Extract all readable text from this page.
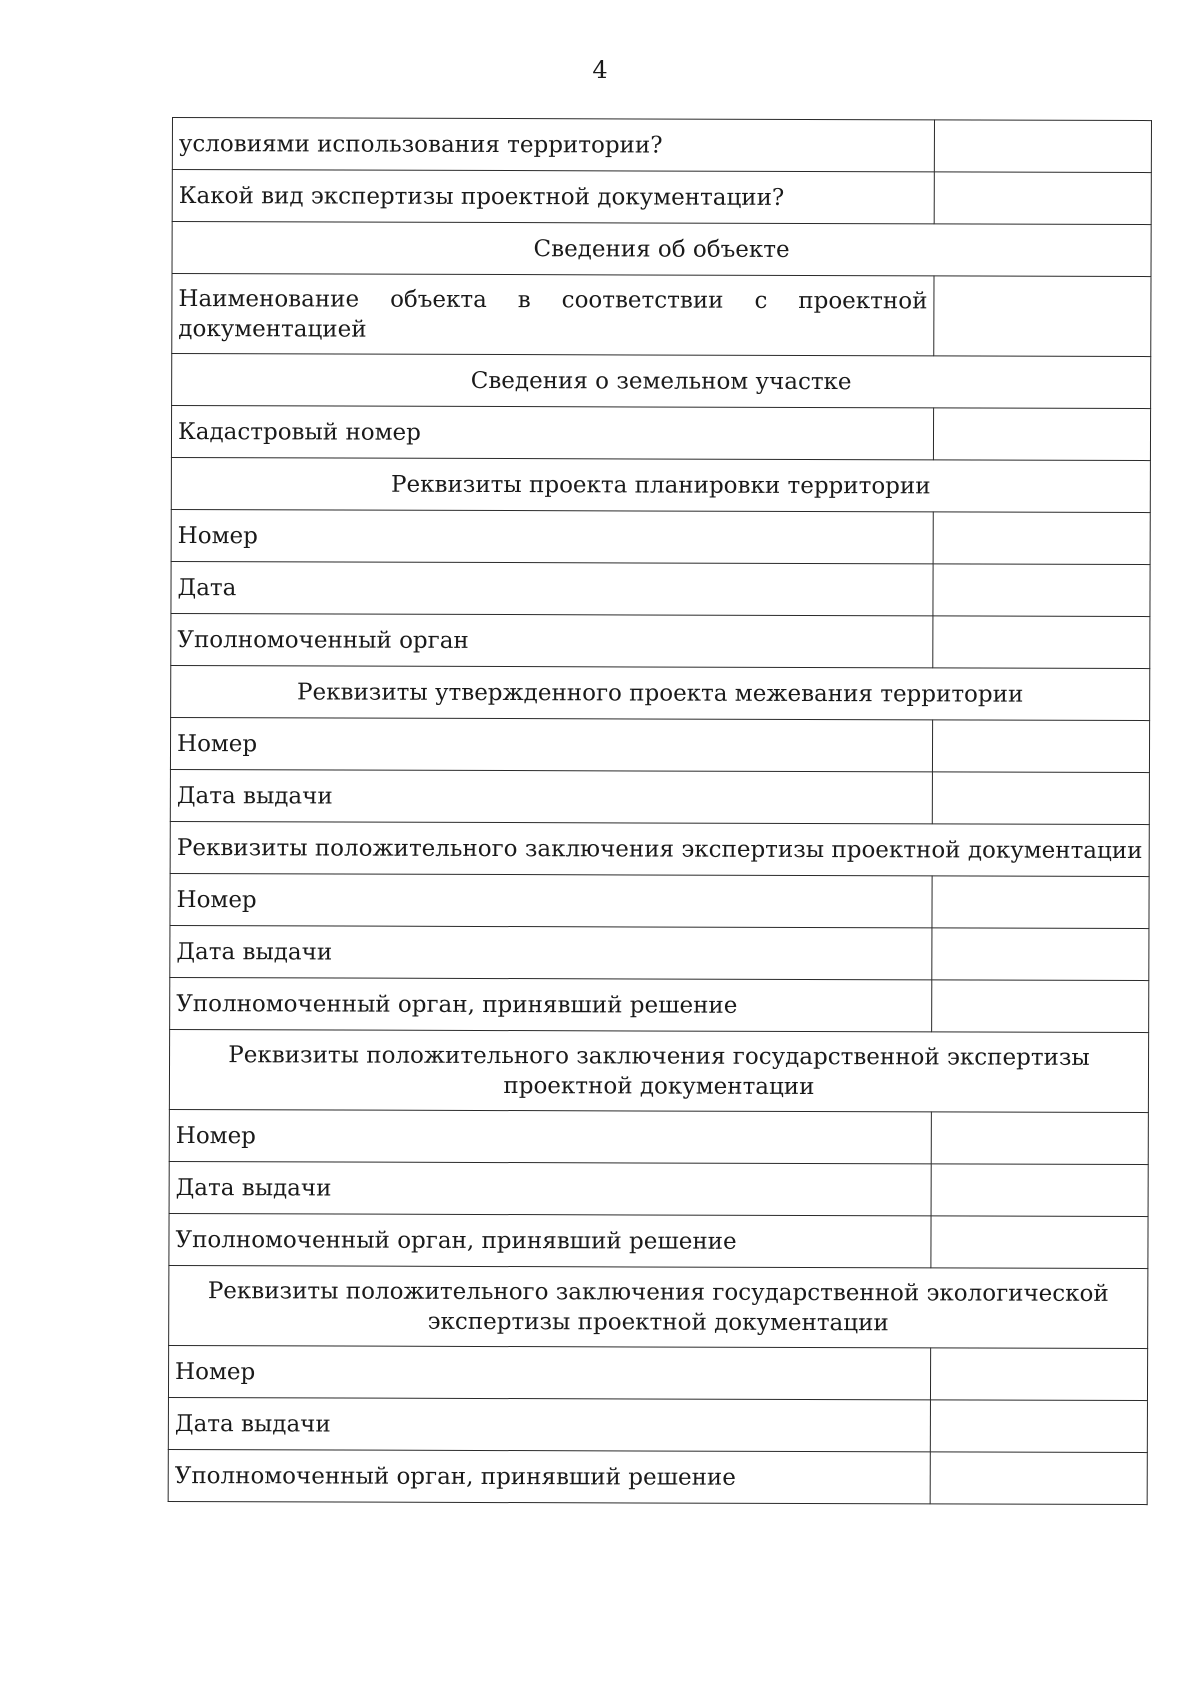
4
условиями использования территории?	
Какой вид экспертизы проектной документации?	
Сведения об объекте	
Наименование объекта в соответствии с проектной документацией	
Сведения о земельном участке	
Кадастровый номер	
Реквизиты проекта планировки территории	
Номер	
Дата	
Уполномоченный орган	
Реквизиты утвержденного проекта межевания территории	
Номер	
Дата выдачи	
Реквизиты положительного заключения экспертизы проектной документации	
Номер	
Дата выдачи	
Уполномоченный орган, принявший решение	
Реквизиты положительного заключения государственной экспертизы проектной документации	
Номер	
Дата выдачи	
Уполномоченный орган, принявший решение	
Реквизиты положительного заключения государственной экологической экспертизы проектной документации	
Номер	
Дата выдачи	
Уполномоченный орган, принявший решение	
